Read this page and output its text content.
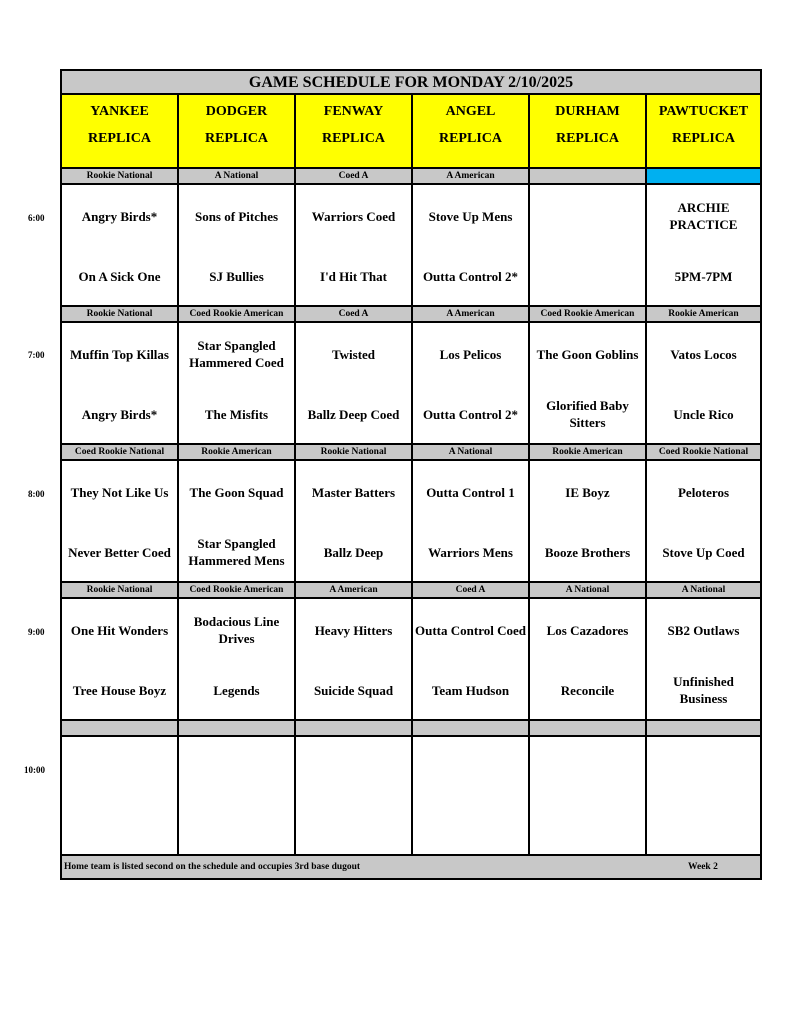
GAME SCHEDULE FOR MONDAY 2/10/2025
YANKEE
REPLICA
Rookie National
Angry Birds*
On A Sick One
Rookie National
Muffin Top Killas
Angry Birds*
Coed Rookie National
They Not Like Us
Never Better Coed
Rookie National
One Hit Wonders
Tree House Boyz
DODGER
REPLICA
A National
Sons of Pitches
SJ Bullies
Coed Rookie American
Star Spangled Hammered Coed
The Misfits
Rookie American
The Goon Squad
Star Spangled Hammered Mens
Coed Rookie American
Bodacious Line Drives
Legends
FENWAY
REPLICA
Coed A
Warriors Coed
I'd Hit That
Coed A
Twisted
Ballz Deep Coed
Rookie National
Master Batters
Ballz Deep
A American
Heavy Hitters
Suicide Squad
ANGEL
REPLICA
A American
Stove Up Mens
Outta Control 2*
A American
Los Pelicos
Outta Control 2*
A National
Outta Control 1
Warriors Mens
Coed A
Outta Control Coed
Team Hudson
DURHAM
REPLICA
Coed Rookie American
The Goon Goblins
Glorified Baby Sitters
Rookie American
IE Boyz
Booze Brothers
A National
Los Cazadores
Reconcile
PAWTUCKET
REPLICA
ARCHIE PRACTICE
5PM-7PM
Rookie American
Vatos Locos
Uncle Rico
Coed Rookie National
Peloteros
Stove Up Coed
A National
SB2 Outlaws
Unfinished Business
Home team is listed second on the schedule and occupies 3rd base dugout	Week 2
6:00
7:00
8:00
9:00
10:00
